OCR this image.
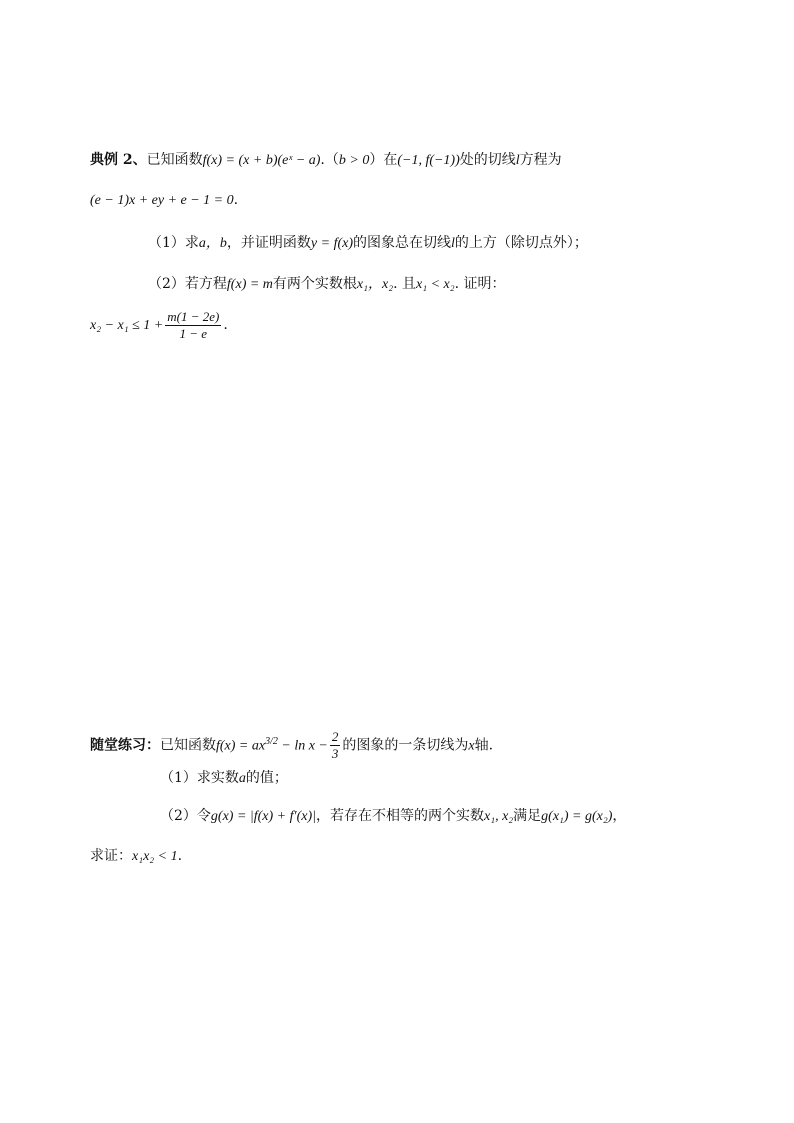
典例 2、已知函数f(x) = (x + b)(eˣ − a).（b > 0）在(−1, f(−1))处的切线l方程为
(e − 1)x + ey + e − 1 = 0.
（1）求a，b，并证明函数y = f(x)的图象总在切线l的上方（除切点外）；
（2）若方程f(x) = m有两个实数根x₁，x₂. 且x₁ < x₂. 证明：
$x_2 - x_1 \le 1 + \frac{m(1 - 2e)}{1 - e}$ .
随堂练习：已知函数$f(x) = ax^{3/2} - \ln x - \frac{2}{3}$ 的图象的一条切线为x轴.
（1）求实数a的值；
（2）令g(x) = |f(x) + f′(x)|，若存在不相等的两个实数x₁, x₂满足g(x₁) = g(x₂)，
求证：x₁x₂ < 1.
